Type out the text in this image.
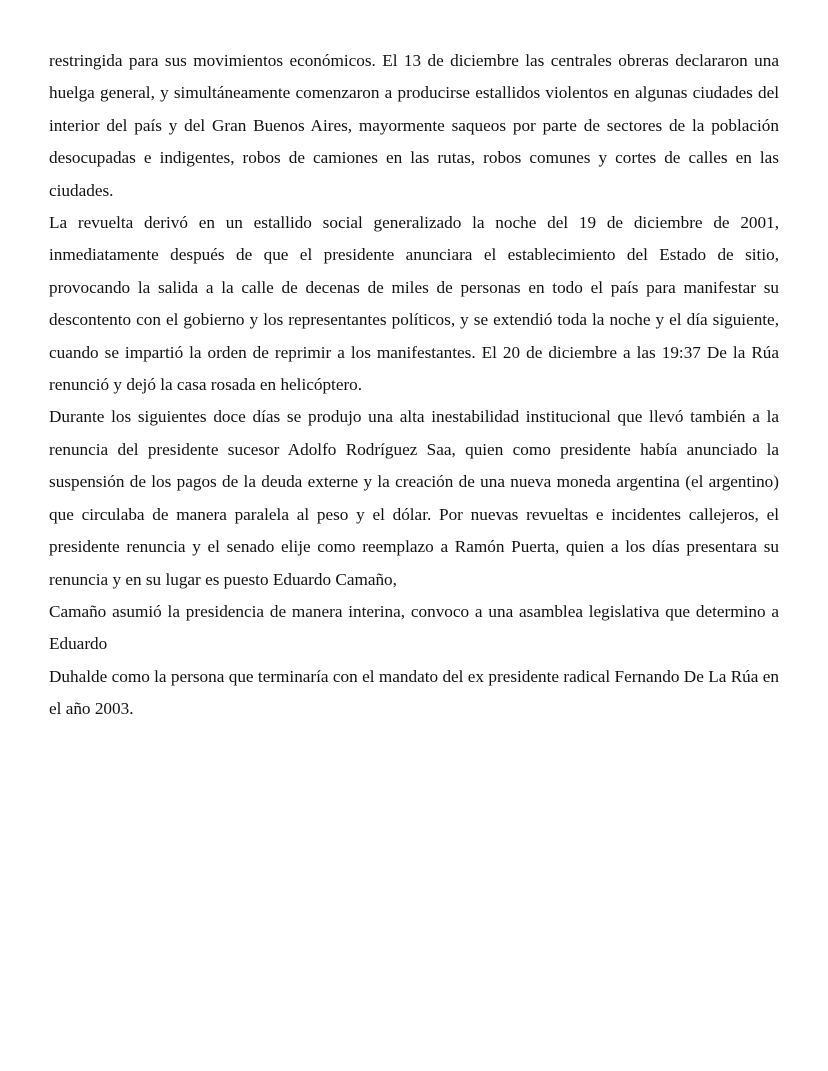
restringida para sus movimientos económicos. El 13 de diciembre las centrales obreras declararon una huelga general, y simultáneamente comenzaron a producirse estallidos violentos en algunas ciudades del interior del país y del Gran Buenos Aires, mayormente saqueos por parte de sectores de la población desocupadas e indigentes, robos de camiones en las rutas, robos comunes y cortes de calles en las ciudades.

La revuelta derivó en un estallido social generalizado la noche del 19 de diciembre de 2001, inmediatamente después de que el presidente anunciara el establecimiento del Estado de sitio, provocando la salida a la calle de decenas de miles de personas en todo el país para manifestar su descontento con el gobierno y los representantes políticos, y se extendió toda la noche y el día siguiente, cuando se impartió la orden de reprimir a los manifestantes. El 20 de diciembre a las 19:37 De la Rúa renunció y dejó la casa rosada en helicóptero.

Durante los siguientes doce días se produjo una alta inestabilidad institucional que llevó también a la renuncia del presidente sucesor Adolfo Rodríguez Saa, quien como presidente había anunciado la suspensión de los pagos de la deuda externe y la creación de una nueva moneda argentina (el argentino) que circulaba de manera paralela al peso y el dólar. Por nuevas revueltas e incidentes callejeros, el presidente renuncia y el senado elije como reemplazo a Ramón Puerta, quien a los días presentara su renuncia y en su lugar es puesto Eduardo Camaño,

Camaño asumió la presidencia de manera interina, convoco a una asamblea legislativa que determino a Eduardo

Duhalde como la persona que terminaría con el mandato del ex presidente radical Fernando De La Rúa en el año 2003.
